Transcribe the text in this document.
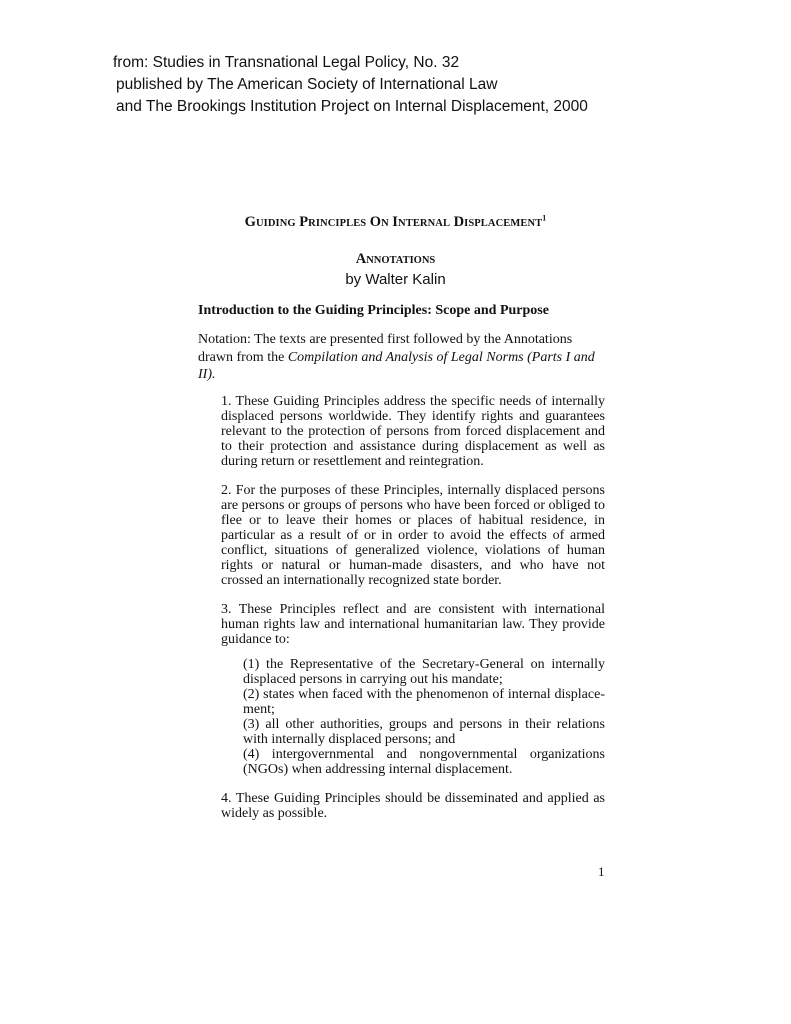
from: Studies in Transnational Legal Policy, No. 32
published by The American Society of International Law
and The Brookings Institution Project on Internal Displacement, 2000
GUIDING PRINCIPLES ON INTERNAL DISPLACEMENT$^1$
ANNOTATIONS
by Walter Kalin
Introduction to the Guiding Principles: Scope and Purpose
Notation: The texts are presented first followed by the Annotations drawn from the Compilation and Analysis of Legal Norms (Parts I and II).
1. These Guiding Principles address the specific needs of internally displaced persons worldwide. They identify rights and guarantees relevant to the protection of persons from forced displacement and to their protection and assistance during displacement as well as during return or resettlement and reintegration.
2. For the purposes of these Principles, internally displaced persons are persons or groups of persons who have been forced or obliged to flee or to leave their homes or places of habitual residence, in particular as a result of or in order to avoid the effects of armed conflict, situations of generalized violence, violations of human rights or natural or human-made disasters, and who have not crossed an internationally recognized state border.
3. These Principles reflect and are consistent with international human rights law and international humanitarian law. They provide guidance to:
(1) the Representative of the Secretary-General on internally displaced persons in carrying out his mandate;
(2) states when faced with the phenomenon of internal displace-ment;
(3) all other authorities, groups and persons in their relations with internally displaced persons; and
(4) intergovernmental and nongovernmental organizations (NGOs) when addressing internal displacement.
4. These Guiding Principles should be disseminated and applied as widely as possible.
1
